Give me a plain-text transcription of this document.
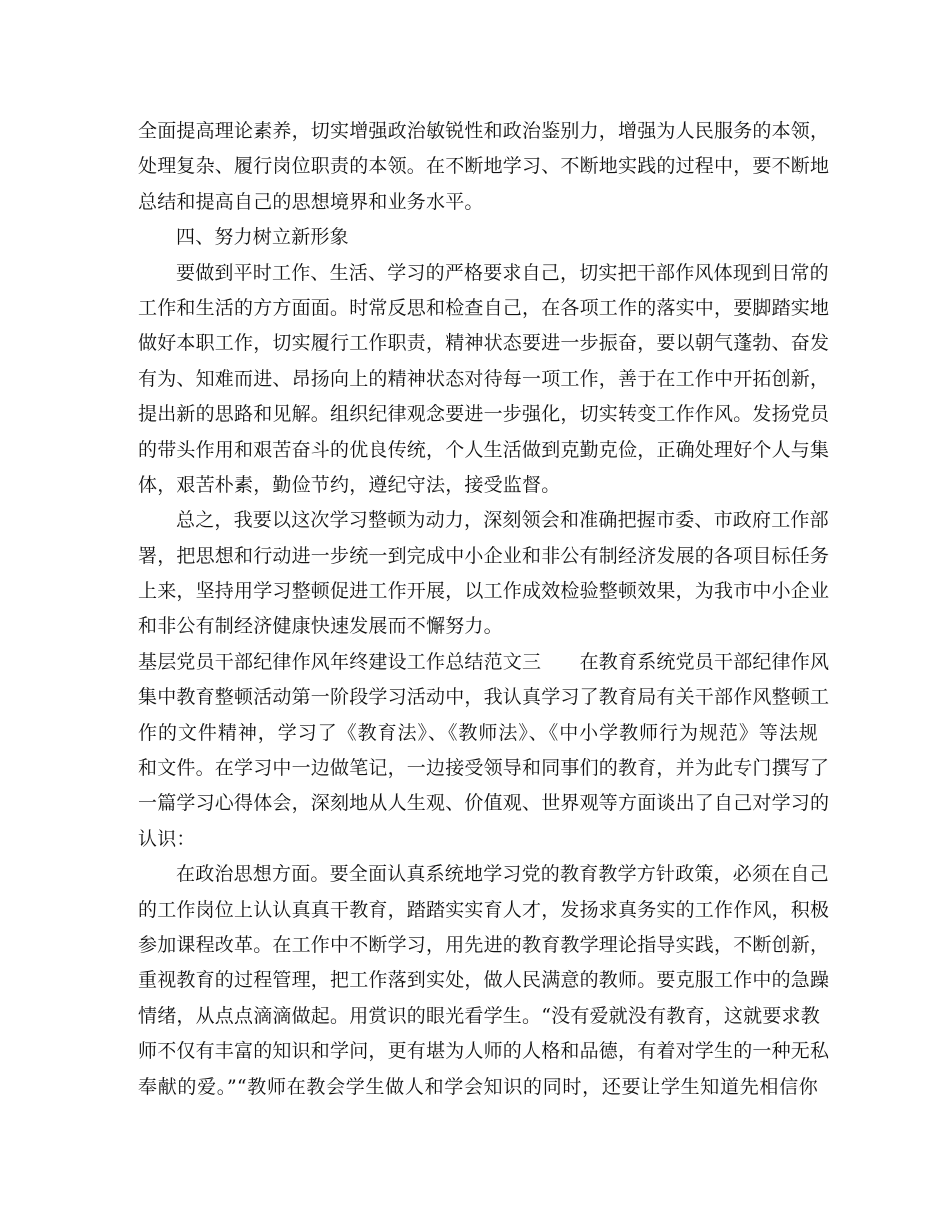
全面提高理论素养，切实增强政治敏锐性和政治鉴别力，增强为人民服务的本领，
处理复杂、履行岗位职责的本领。在不断地学习、不断地实践的过程中，要不断地
总结和提高自己的思想境界和业务水平。
四、努力树立新形象
要做到平时工作、生活、学习的严格要求自己，切实把干部作风体现到日常的
工作和生活的方方面面。时常反思和检查自己，在各项工作的落实中，要脚踏实地
做好本职工作，切实履行工作职责，精神状态要进一步振奋，要以朝气蓬勃、奋发
有为、知难而进、昂扬向上的精神状态对待每一项工作，善于在工作中开拓创新，
提出新的思路和见解。组织纪律观念要进一步强化，切实转变工作作风。发扬党员
的带头作用和艰苦奋斗的优良传统，个人生活做到克勤克俭，正确处理好个人与集
体，艰苦朴素，勤俭节约，遵纪守法，接受监督。
总之，我要以这次学习整顿为动力，深刻领会和准确把握市委、市政府工作部
署，把思想和行动进一步统一到完成中小企业和非公有制经济发展的各项目标任务
上来，坚持用学习整顿促进工作开展，以工作成效检验整顿效果，为我市中小企业
和非公有制经济健康快速发展而不懈努力。
基层党员干部纪律作风年终建设工作总结范文三　　在教育系统党员干部纪律作风
集中教育整顿活动第一阶段学习活动中，我认真学习了教育局有关干部作风整顿工
作的文件精神，学习了《教育法》、《教师法》、《中小学教师行为规范》等法规
和文件。在学习中一边做笔记，一边接受领导和同事们的教育，并为此专门撰写了
一篇学习心得体会，深刻地从人生观、价值观、世界观等方面谈出了自己对学习的
认识：
在政治思想方面。要全面认真系统地学习党的教育教学方针政策，必须在自己
的工作岗位上认认真真干教育，踏踏实实育人才，发扬求真务实的工作作风，积极
参加课程改革。在工作中不断学习，用先进的教育教学理论指导实践，不断创新，
重视教育的过程管理，把工作落到实处，做人民满意的教师。要克服工作中的急躁
情绪，从点点滴滴做起。用赏识的眼光看学生。“没有爱就没有教育，这就要求教
师不仅有丰富的知识和学问，更有堪为人师的人格和品德，有着对学生的一种无私
奉献的爱。”“教师在教会学生做人和学会知识的同时，还要让学生知道先相信你
